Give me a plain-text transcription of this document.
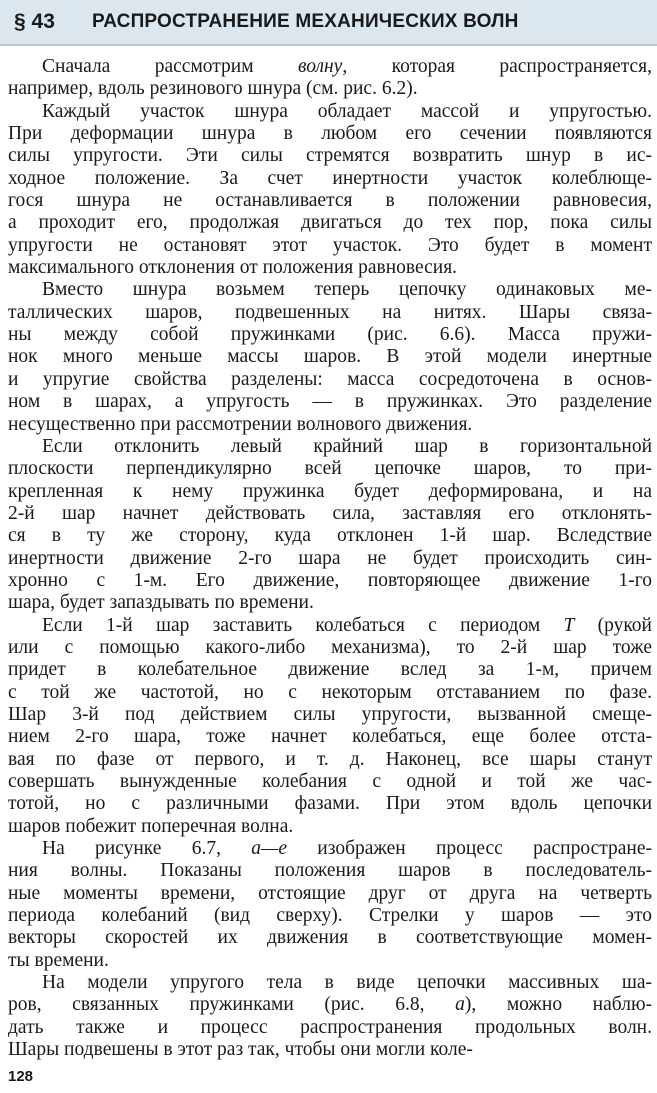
§ 43	РАСПРОСТРАНЕНИЕ МЕХАНИЧЕСКИХ ВОЛН

Сначала рассмотрим волну, которая распространяется,
например, вдоль резинового шнура (см. рис. 6.2).

Каждый участок шнура обладает массой и упругостью.
При деформации шнура в любом его сечении появляются
силы упругости. Эти силы стремятся возвратить шнур в ис-
ходное положение. За счет инертности участок колеблюще-
гося шнура не останавливается в положении равновесия,
а проходит его, продолжая двигаться до тех пор, пока силы
упругости не остановят этот участок. Это будет в момент
максимального отклонения от положения равновесия.

Вместо шнура возьмем теперь цепочку одинаковых ме-
таллических шаров, подвешенных на нитях. Шары связа-
ны между собой пружинками (рис. 6.6). Масса пружи-
нок много меньше массы шаров. В этой модели инертные
и упругие свойства разделены: масса сосредоточена в основ-
ном в шарах, а упругость — в пружинках. Это разделение
несущественно при рассмотрении волнового движения.

Если отклонить левый крайний шар в горизонтальной
плоскости перпендикулярно всей цепочке шаров, то при-
крепленная к нему пружинка будет деформирована, и на
2-й шар начнет действовать сила, заставляя его отклонять-
ся в ту же сторону, куда отклонен 1-й шар. Вследствие
инертности движение 2-го шара не будет происходить син-
хронно с 1-м. Его движение, повторяющее движение 1-го
шара, будет запаздывать по времени.

Если 1-й шар заставить колебаться с периодом T (рукой
или с помощью какого-либо механизма), то 2-й шар тоже
придет в колебательное движение вслед за 1-м, причем
с той же частотой, но с некоторым отставанием по фазе.
Шар 3-й под действием силы упругости, вызванной смеще-
нием 2-го шара, тоже начнет колебаться, еще более отста-
вая по фазе от первого, и т. д. Наконец, все шары станут
совершать вынужденные колебания с одной и той же час-
тотой, но с различными фазами. При этом вдоль цепочки
шаров побежит поперечная волна.

На рисунке 6.7, а—е изображен процесс распростране-
ния волны. Показаны положения шаров в последователь-
ные моменты времени, отстоящие друг от друга на четверть
периода колебаний (вид сверху). Стрелки у шаров — это
векторы скоростей их движения в соответствующие момен-
ты времени.

На модели упругого тела в виде цепочки массивных ша-
ров, связанных пружинками (рис. 6.8, а), можно наблю-
дать также и процесс распространения продольных волн.
Шары подвешены в этот раз так, чтобы они могли коле-

128
